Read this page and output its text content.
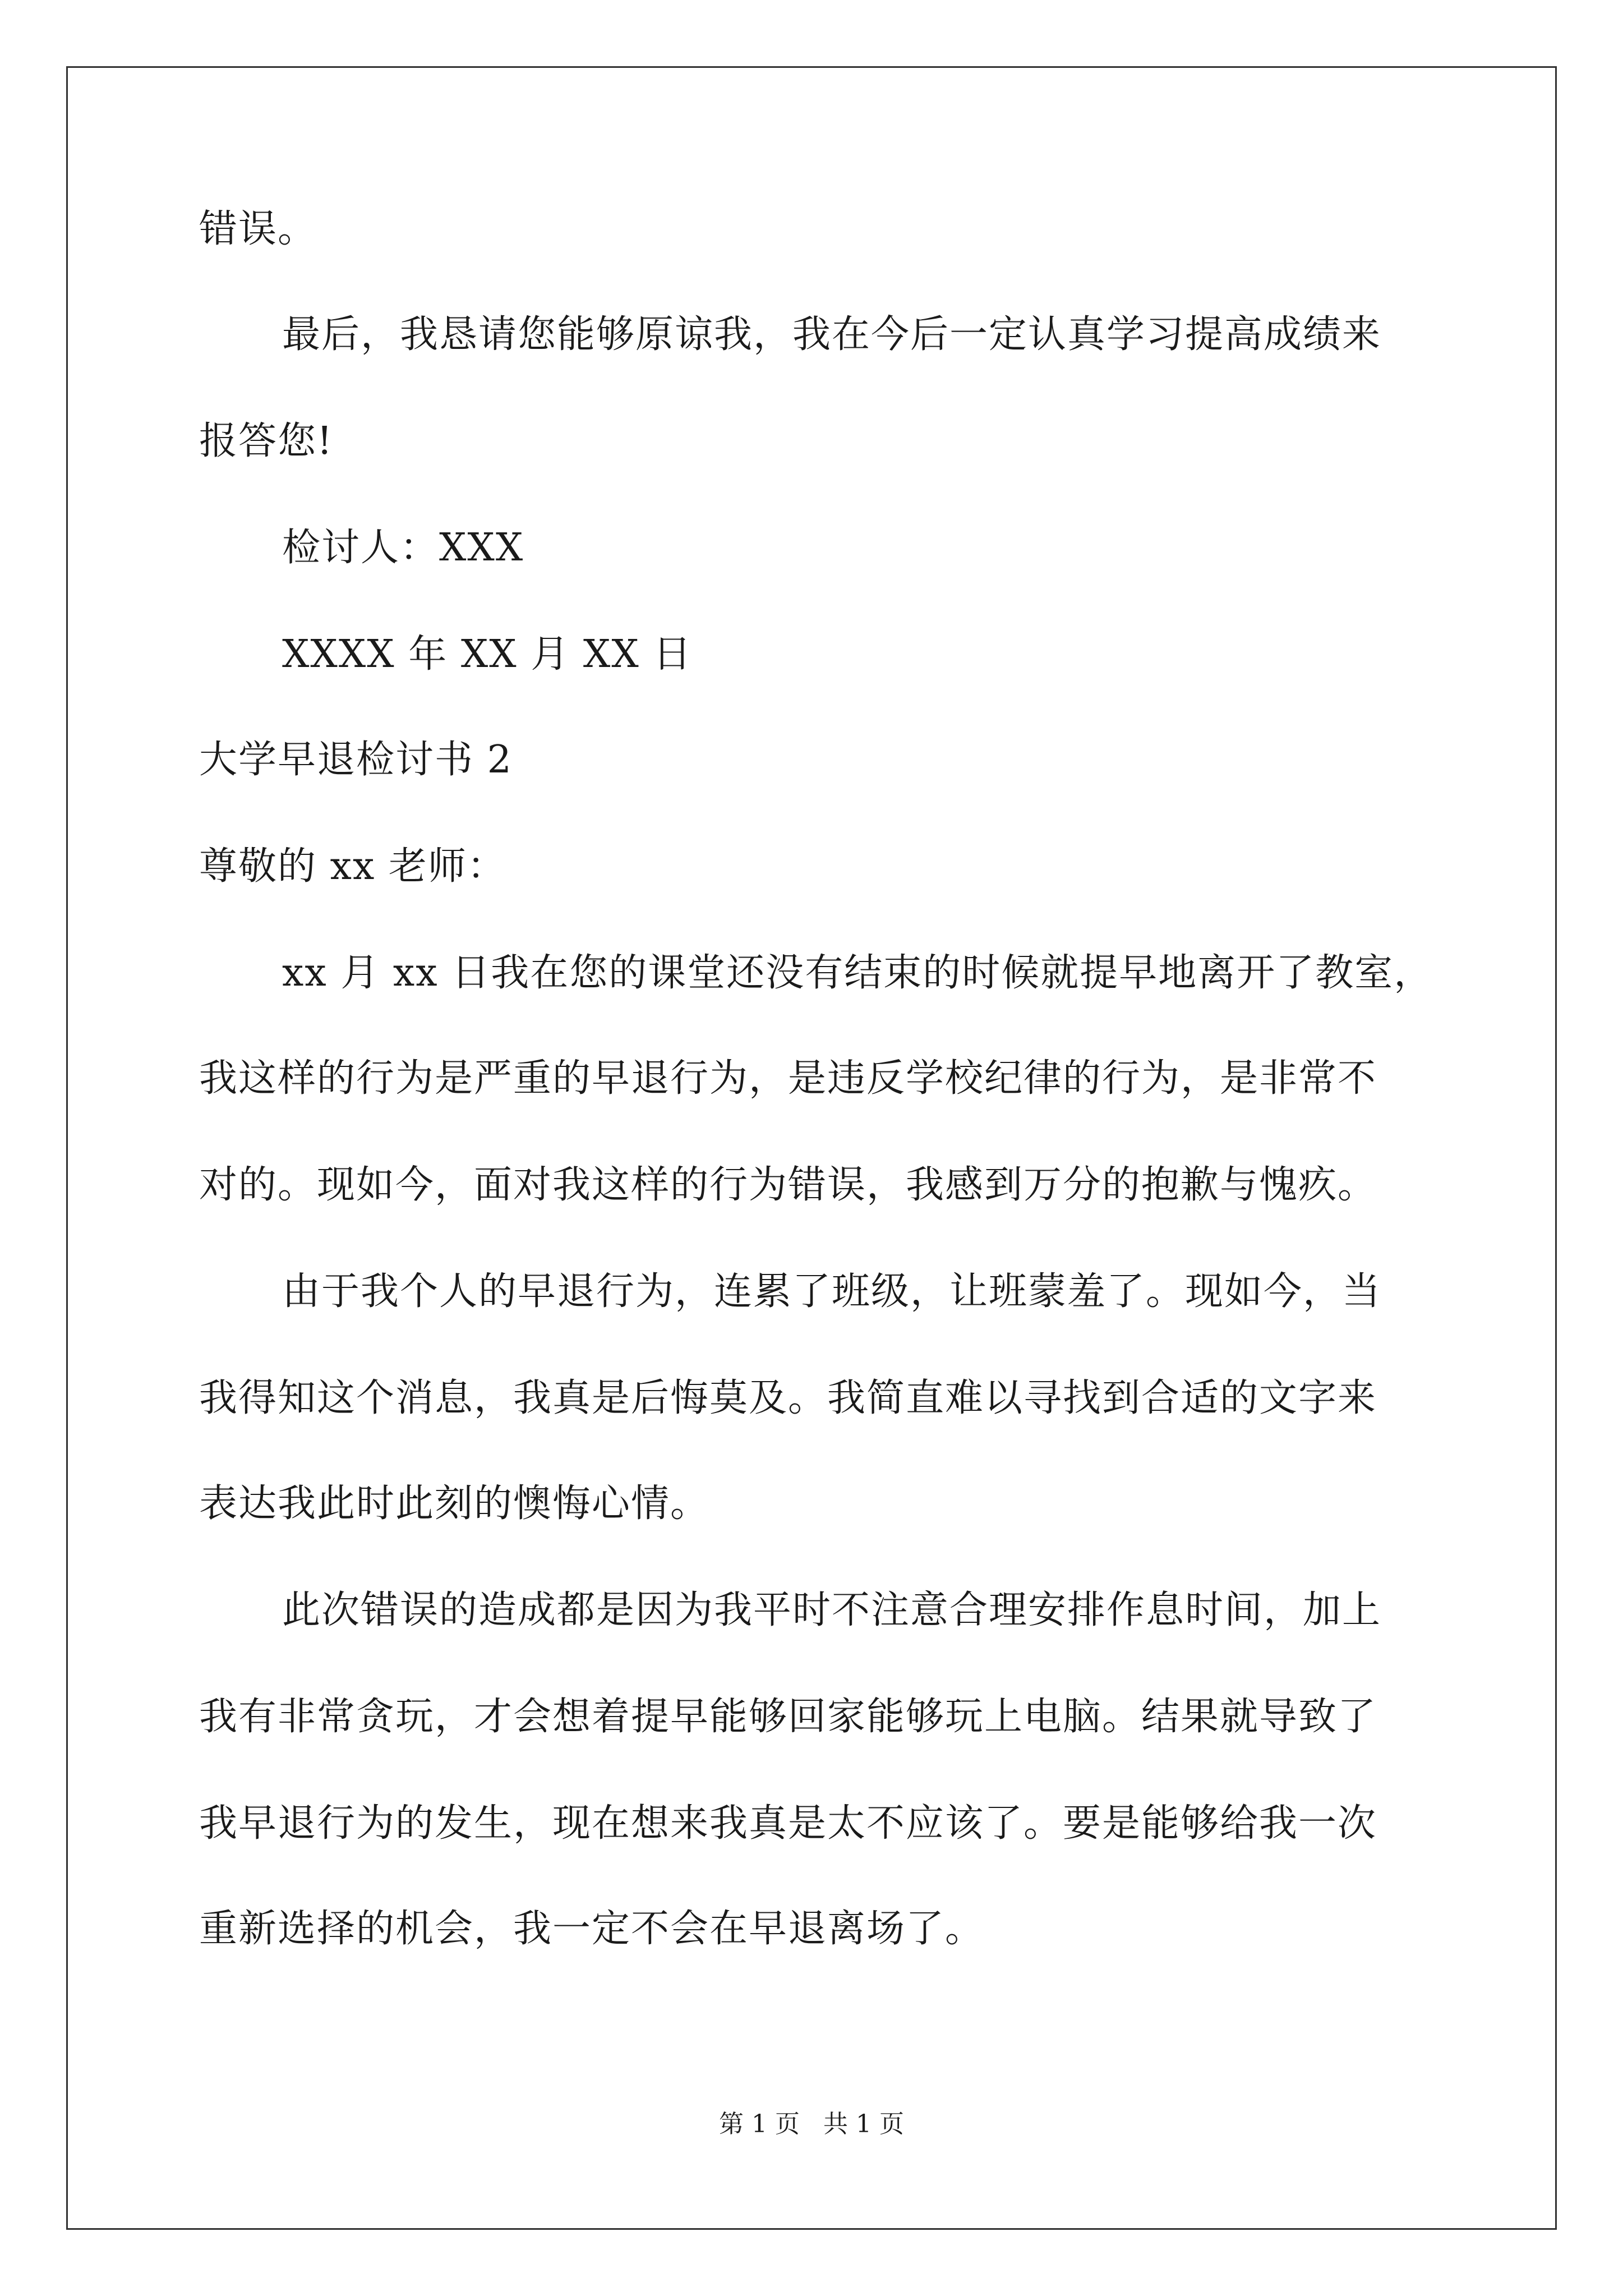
错误。
最后，我恳请您能够原谅我，我在今后一定认真学习提高成绩来
报答您!
检讨人：XXX
XXXX 年 XX 月 XX 日
大学早退检讨书 2
尊敬的 xx 老师：
xx 月 xx 日我在您的课堂还没有结束的时候就提早地离开了教室，
我这样的行为是严重的早退行为，是违反学校纪律的行为，是非常不
对的。现如今，面对我这样的行为错误，我感到万分的抱歉与愧疚。
由于我个人的早退行为，连累了班级，让班蒙羞了。现如今，当
我得知这个消息，我真是后悔莫及。我简直难以寻找到合适的文字来
表达我此时此刻的懊悔心情。
此次错误的造成都是因为我平时不注意合理安排作息时间，加上
我有非常贪玩，才会想着提早能够回家能够玩上电脑。结果就导致了
我早退行为的发生，现在想来我真是太不应该了。要是能够给我一次
重新选择的机会，我一定不会在早退离场了。
第 1 页   共 1 页
